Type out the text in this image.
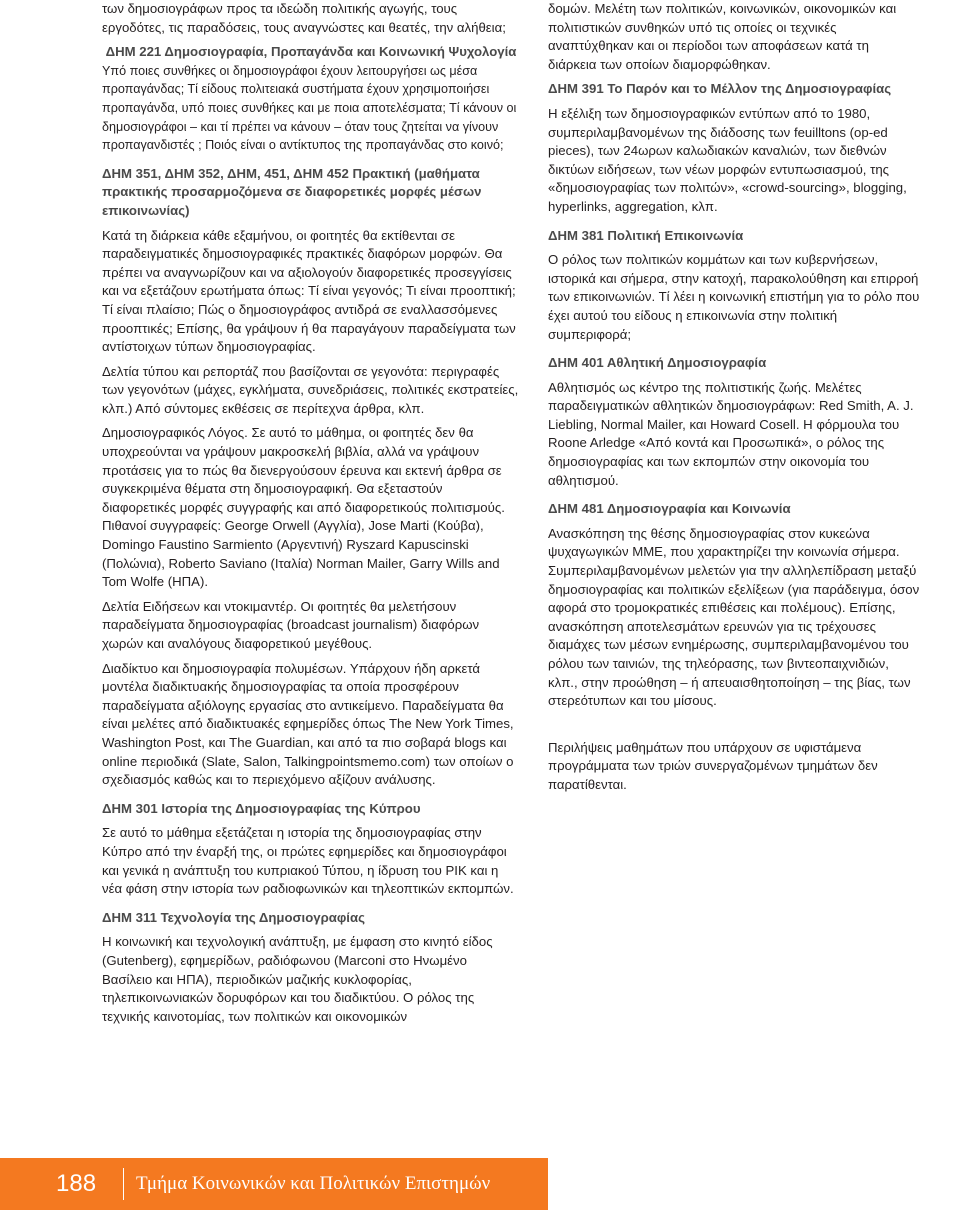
των δημοσιογράφων προς τα ιδεώδη πολιτικής αγωγής, τους εργοδότες, τις παραδόσεις, τους αναγνώστες και θεατές, την αλήθεια;

ΔΗΜ 221 Δημοσιογραφία, Προπαγάνδα και Κοινωνική Ψυχολογία

Υπό ποιες συνθήκες οι δημοσιογράφοι έχουν λειτουργήσει ως μέσα προπαγάνδας; Τί είδους πολιτειακά συστήματα έχουν χρησιμοποιήσει προπαγάνδα, υπό ποιες συνθήκες και με ποια αποτελέσματα; Τί κάνουν οι δημοσιογράφοι – και τί πρέπει να κάνουν – όταν τους ζητείται να γίνουν προπαγανδιστές ; Ποιός είναι ο αντίκτυπος της προπαγάνδας στο κοινό;

ΔΗΜ 351, ΔΗΜ 352, ΔΗΜ, 451, ΔΗΜ 452 Πρακτική (μαθήματα πρακτικής προσαρμοζόμενα σε διαφορετικές μορφές μέσων επικοινωνίας)

Κατά τη διάρκεια κάθε εξαμήνου, οι φοιτητές θα εκτίθενται σε παραδειγματικές δημοσιογραφικές πρακτικές διαφόρων μορφών. Θα πρέπει να αναγνωρίζουν και να αξιολογούν διαφορετικές προσεγγίσεις και να εξετάζουν ερωτήματα όπως: Τί είναι γεγονός; Τι είναι προοπτική; Τί είναι πλαίσιο; Πώς ο δημοσιογράφος αντιδρά σε εναλλασσόμενες προοπτικές; Επίσης, θα γράψουν ή θα παραγάγουν παραδείγματα των αντίστοιχων τύπων δημοσιογραφίας.

Δελτία τύπου και ρεπορτάζ που βασίζονται σε γεγονότα: περιγραφές των γεγονότων (μάχες, εγκλήματα, συνεδριάσεις, πολιτικές εκστρατείες, κλπ.) Από σύντομες εκθέσεις σε περίτεχνα άρθρα, κλπ.

Δημοσιογραφικός Λόγος. Σε αυτό το μάθημα, οι φοιτητές δεν θα υποχρεούνται να γράψουν μακροσκελή βιβλία, αλλά να γράψουν προτάσεις για το πώς θα διενεργούσουν έρευνα και εκτενή άρθρα σε συγκεκριμένα θέματα στη δημοσιογραφική. Θα εξεταστούν διαφορετικές μορφές συγγραφής και από διαφορετικούς πολιτισμούς. Πιθανοί συγγραφείς: George Orwell (Αγγλία), Jose Marti (Κούβα), Domingo Faustino Sarmiento (Αργεντινή) Ryszard Kapuscinski (Πολώνια), Roberto Saviano (Ιταλία) Norman Mailer, Garry Wills and Tom Wolfe (ΗΠΑ).

Δελτία Ειδήσεων και ντοκιμαντέρ. Οι φοιτητές θα μελετήσουν παραδείγματα δημοσιογραφίας (broadcast journalism) διαφόρων χωρών και αναλόγους διαφορετικού μεγέθους.

Διαδίκτυο και δημοσιογραφία πολυμέσων. Υπάρχουν ήδη αρκετά μοντέλα διαδικτυακής δημοσιογραφίας τα οποία προσφέρουν παραδείγματα αξιόλογης εργασίας στο αντικείμενο. Παραδείγματα θα είναι μελέτες από διαδικτυακές εφημερίδες όπως The New York Times, Washington Post, και The Guardian, και από τα πιο σοβαρά blogs και online περιοδικά (Slate, Salon, Talkingpointsmemo.com) των οποίων ο σχεδιασμός καθώς και το περιεχόμενο αξίζουν ανάλυσης.

ΔΗΜ 301 Ιστορία της Δημοσιογραφίας της Κύπρου

Σε αυτό το μάθημα εξετάζεται η ιστορία της δημοσιογραφίας στην Κύπρο από την έναρξή της, οι πρώτες εφημερίδες και δημοσιογράφοι και γενικά η ανάπτυξη του κυπριακού Τύπου, η ίδρυση του ΡΙΚ και η νέα φάση στην ιστορία των ραδιοφωνικών και τηλεοπτικών εκπομπών.

ΔΗΜ 311 Τεχνολογία της Δημοσιογραφίας

Η κοινωνική και τεχνολογική ανάπτυξη, με έμφαση στο κινητό είδος (Gutenberg), εφημερίδων, ραδιόφωνου (Marconi στο Ηνωμένο Βασίλειο και ΗΠΑ), περιοδικών μαζικής κυκλοφορίας, τηλεπικοινωνιακών δορυφόρων και του διαδικτύου. Ο ρόλος της τεχνικής καινοτομίας, των πολιτικών και οικονομικών

δομών. Μελέτη των πολιτικών, κοινωνικών, οικονομικών και πολιτιστικών συνθηκών υπό τις οποίες οι τεχνικές αναπτύχθηκαν και οι περίοδοι των αποφάσεων κατά τη διάρκεια των οποίων διαμορφώθηκαν.

ΔΗΜ 391 Το Παρόν και το Μέλλον της Δημοσιογραφίας

Η εξέλιξη των δημοσιογραφικών εντύπων από το 1980, συμπεριλαμβανομένων της διάδοσης των feuilltons (op-ed pieces), των 24ωρων καλωδιακών καναλιών, των διεθνών δικτύων ειδήσεων, των νέων μορφών εντυπωσιασμού, της «δημοσιογραφίας των πολιτών», «crowd-sourcing», blogging, hyperlinks, aggregation, κλπ.

ΔΗΜ 381 Πολιτική Επικοινωνία

Ο ρόλος των πολιτικών κομμάτων και των κυβερνήσεων, ιστορικά και σήμερα, στην κατοχή, παρακολούθηση και επιρροή των επικοινωνιών. Τί λέει η κοινωνική επιστήμη για το ρόλο που έχει αυτού του είδους η επικοινωνία στην πολιτική συμπεριφορά;

ΔΗΜ 401 Αθλητική Δημοσιογραφία

Αθλητισμός ως κέντρο της πολιτιστικής ζωής. Μελέτες παραδειγματικών αθλητικών δημοσιογράφων: Red Smith, A. J. Liebling, Normal Mailer, και Howard Cosell. Η φόρμουλα του Roone Arledge «Από κοντά και Προσωπικά», ο ρόλος της δημοσιογραφίας και των εκπομπών στην οικονομία του αθλητισμού.

ΔΗΜ 481 Δημοσιογραφία και Κοινωνία

Ανασκόπηση της θέσης δημοσιογραφίας στον κυκεώνα ψυχαγωγικών ΜΜΕ, που χαρακτηρίζει την κοινωνία σήμερα. Συμπεριλαμβανομένων μελετών για την αλληλεπίδραση μεταξύ δημοσιογραφίας και πολιτικών εξελίξεων (για παράδειγμα, όσον αφορά στο τρομοκρατικές επιθέσεις και πολέμους). Επίσης, ανασκόπηση αποτελεσμάτων ερευνών για τις τρέχουσες διαμάχες των μέσων ενημέρωσης, συμπεριλαμβανομένου του ρόλου των ταινιών, της τηλεόρασης, των βιντεοπαιχνιδιών, κλπ., στην προώθηση – ή απευαισθητοποίηση – της βίας, των στερεότυπων και του μίσους.

Περιλήψεις μαθημάτων που υπάρχουν σε υφιστάμενα προγράμματα των τριών συνεργαζομένων τμημάτων δεν παρατίθενται.

188	Τμήμα Κοινωνικών και Πολιτικών Επιστημών
